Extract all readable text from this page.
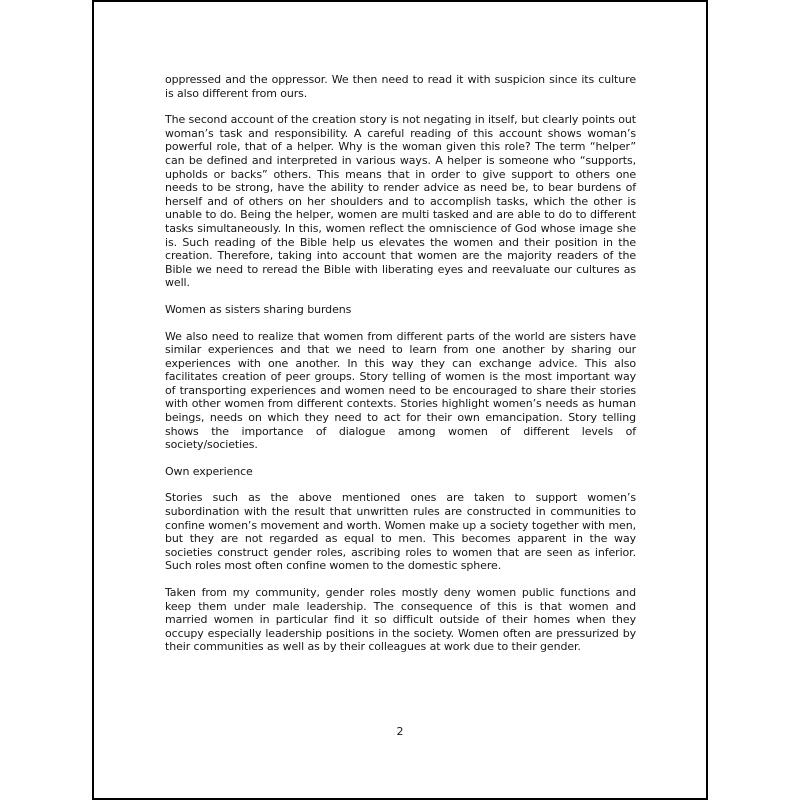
oppressed and the oppressor. We then need to read it with suspicion since its culture is also different from ours.

The second account of the creation story is not negating in itself, but clearly points out woman’s task and responsibility. A careful reading of this account shows woman’s powerful role, that of a helper. Why is the woman given this role? The term “helper” can be defined and interpreted in various ways. A helper is someone who “supports, upholds or backs” others. This means that in order to give support to others one needs to be strong, have the ability to render advice as need be, to bear burdens of herself and of others on her shoulders and to accomplish tasks, which the other is unable to do. Being the helper, women are multi tasked and are able to do to different tasks simultaneously. In this, women reflect the omniscience of God whose image she is. Such reading of the Bible help us elevates the women and their position in the creation. Therefore, taking into account that women are the majority readers of the Bible we need to reread the Bible with liberating eyes and reevaluate our cultures as well.

Women as sisters sharing burdens

We also need to realize that women from different parts of the world are sisters have similar experiences and that we need to learn from one another by sharing our experiences with one another. In this way they can exchange advice. This also facilitates creation of peer groups. Story telling of women is the most important way of transporting experiences and women need to be encouraged to share their stories with other women from different contexts. Stories highlight women’s needs as human beings, needs on which they need to act for their own emancipation. Story telling shows the importance of dialogue among women of different levels of society/societies.

Own experience

Stories such as the above mentioned ones are taken to support women’s subordination with the result that unwritten rules are constructed in communities to confine women’s movement and worth. Women make up a society together with men, but they are not regarded as equal to men. This becomes apparent in the way societies construct gender roles, ascribing roles to women that are seen as inferior. Such roles most often confine women to the domestic sphere.

Taken from my community, gender roles mostly deny women public functions and keep them under male leadership. The consequence of this is that women and married women in particular find it so difficult outside of their homes when they occupy especially leadership positions in the society. Women often are pressurized by their communities as well as by their colleagues at work due to their gender.

2
